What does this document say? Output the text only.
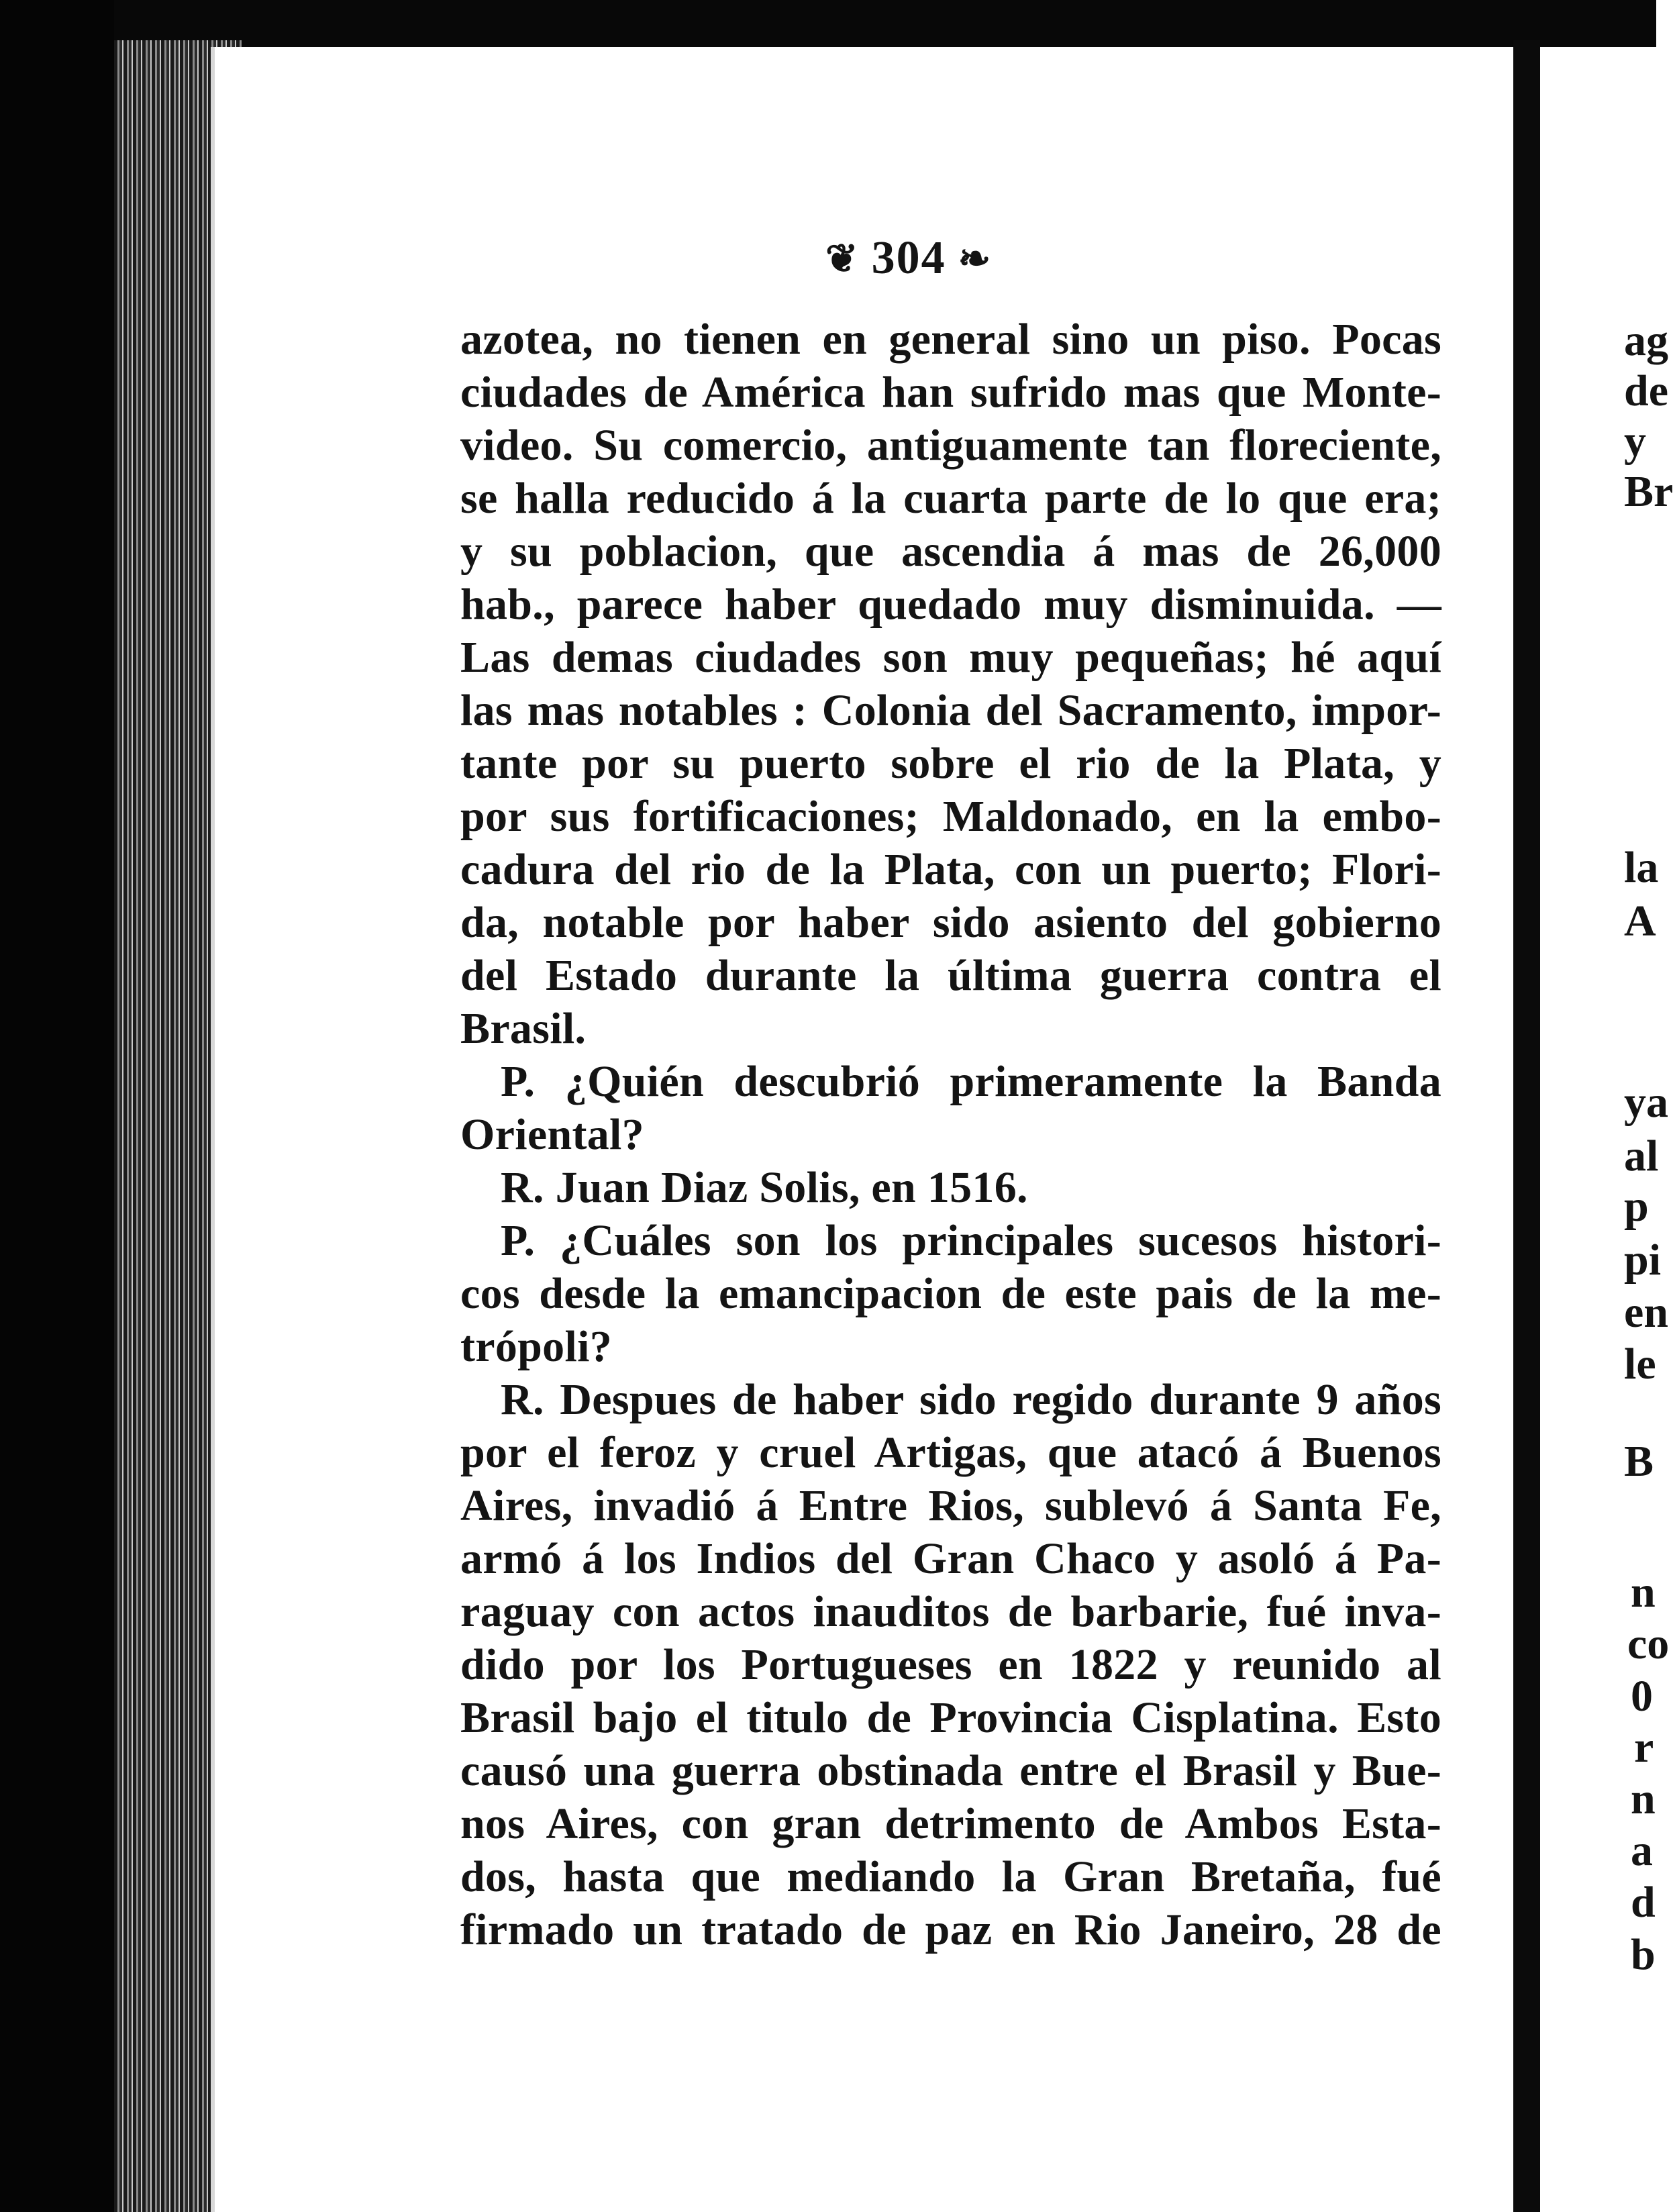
❦ 304 ❧
azotea, no tienen en general sino un piso. Pocas
ciudades de América han sufrido mas que Monte-
video. Su comercio, antiguamente tan floreciente,
se halla reducido á la cuarta parte de lo que era;
y su poblacion, que ascendia á mas de 26,000
hab., parece haber quedado muy disminuida. —
Las demas ciudades son muy pequeñas; hé aquí
las mas notables : Colonia del Sacramento, impor-
tante por su puerto sobre el rio de la Plata, y
por sus fortificaciones; Maldonado, en la embo-
cadura del rio de la Plata, con un puerto; Flori-
da, notable por haber sido asiento del gobierno
del Estado durante la última guerra contra el
Brasil.
P. ¿Quién descubrió primeramente la Banda
Oriental?
R. Juan Diaz Solis, en 1516.
P. ¿Cuáles son los principales sucesos histori-
cos desde la emancipacion de este pais de la me-
trópoli?
R. Despues de haber sido regido durante 9 años
por el feroz y cruel Artigas, que atacó á Buenos
Aires, invadió á Entre Rios, sublevó á Santa Fe,
armó á los Indios del Gran Chaco y asoló á Pa-
raguay con actos inauditos de barbarie, fué inva-
dido por los Portugueses en 1822 y reunido al
Brasil bajo el titulo de Provincia Cisplatina. Esto
causó una guerra obstinada entre el Brasil y Bue-
nos Aires, con gran detrimento de Ambos Esta-
dos, hasta que mediando la Gran Bretaña, fué
firmado un tratado de paz en Rio Janeiro, 28 de
ag
de
y
Br
la
A
ya
al
p
pi
en
le
B
n
co
0
r
n
a
d
b
